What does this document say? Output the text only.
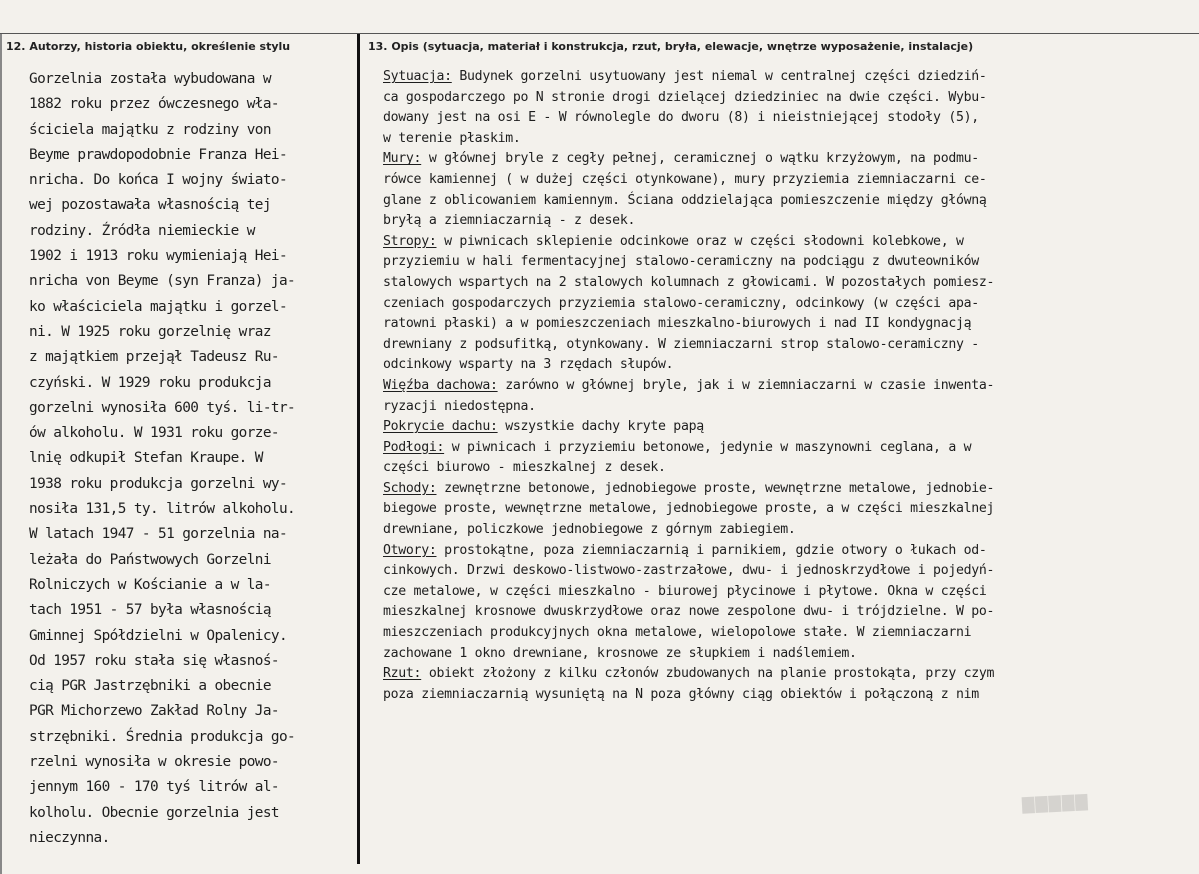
12. Autorzy, historia obiektu, określenie stylu	13. Opis (sytuacja, materiał i konstrukcja, rzut, bryła, elewacje, wnętrze wyposażenie, instalacje)
Gorzelnia została wybudowana w
1882 roku przez ówczesnego wła-
ściciela majątku z rodziny von
Beyme prawdopodobnie Franza Hei-
nricha. Do końca I wojny świato-
wej pozostawała własnością tej
rodziny. Źródła niemieckie w
1902 i 1913 roku wymieniają Hei-
nricha von Beyme (syn Franza) ja-
ko właściciela majątku i gorzel-
ni. W 1925 roku gorzelnię wraz
z majątkiem przejął Tadeusz Ru-
czyński. W 1929 roku produkcja
gorzelni wynosiła 600 tyś. li-tr-
ów alkoholu. W 1931 roku gorze-
lnię odkupił Stefan Kraupe. W
1938 roku produkcja gorzelni wy-
nosiła 131,5 ty. litrów alkoholu.
W latach 1947 - 51 gorzelnia na-
leżała do Państwowych Gorzelni
Rolniczych w Kościanie a w la-
tach 1951 - 57 była własnością
Gminnej Spółdzielni w Opalenicy.
Od 1957 roku stała się własnoś-
cią PGR Jastrzębniki a obecnie
PGR Michorzewo Zakład Rolny Ja-
strzębniki. Średnia produkcja go-
rzelni wynosiła w okresie powo-
jennym 160 - 170 tyś litrów al-
kolholu. Obecnie gorzelnia jest
nieczynna.
Sytuacja: Budynek gorzelni usytuowany jest niemal w centralnej części dziedziń-
ca gospodarczego po N stronie drogi dzielącej dziedziniec na dwie części. Wybu-
dowany jest na osi E - W równolegle do dworu (8) i nieistniejącej stodoły (5),
w terenie płaskim.
Mury: w głównej bryle z cegły pełnej, ceramicznej o wątku krzyżowym, na podmu-
rówce kamiennej ( w dużej części otynkowane), mury przyziemia ziemniaczarni ce-
glane z oblicowaniem kamiennym. Ściana oddzielająca pomieszczenie między główną
bryłą a ziemniaczarnią - z desek.
Stropy: w piwnicach sklepienie odcinkowe oraz w części słodowni kolebkowe, w
przyziemiu w hali fermentacyjnej stalowo-ceramiczny na podciągu z dwuteowników
stalowych wspartych na 2 stalowych kolumnach z głowicami. W pozostałych pomiesz-
czeniach gospodarczych przyziemia stalowo-ceramiczny, odcinkowy (w części apa-
ratowni płaski) a w pomieszczeniach mieszkalno-biurowych i nad II kondygnacją
drewniany z podsufitką, otynkowany. W ziemniaczarni strop stalowo-ceramiczny -
odcinkowy wsparty na 3 rzędach słupów.
Więźba dachowa: zarówno w głównej bryle, jak i w ziemniaczarni w czasie inwenta-
ryzacji niedostępna.
Pokrycie dachu: wszystkie dachy kryte papą
Podłogi: w piwnicach i przyziemiu betonowe, jedynie w maszynowni ceglana, a w
części biurowo - mieszkalnej z desek.
Schody: zewnętrzne betonowe, jednobiegowe proste, wewnętrzne metalowe, jednobie-
biegowe proste, wewnętrzne metalowe, jednobiegowe proste, a w części mieszkalnej
drewniane, policzkowe jednobiegowe z górnym zabiegiem.
Otwory: prostokątne, poza ziemniaczarnią i parnikiem, gdzie otwory o łukach od-
cinkowych. Drzwi deskowo-listwowo-zastrzałowe, dwu- i jednoskrzydłowe i pojedyń-
cze metalowe, w części mieszkalno - biurowej płycinowe i płytowe. Okna w części
mieszkalnej krosnowe dwuskrzydłowe oraz nowe zespolone dwu- i trójdzielne. W po-
mieszczeniach produkcyjnych okna metalowe, wielopolowe stałe. W ziemniaczarni
zachowane 1 okno drewniane, krosnowe ze słupkiem i nadślemiem.
Rzut: obiekt złożony z kilku członów zbudowanych na planie prostokąta, przy czym
poza ziemniaczarnią wysuniętą na N poza główny ciąg obiektów i połączoną z nim
▇▇▇▇▇
